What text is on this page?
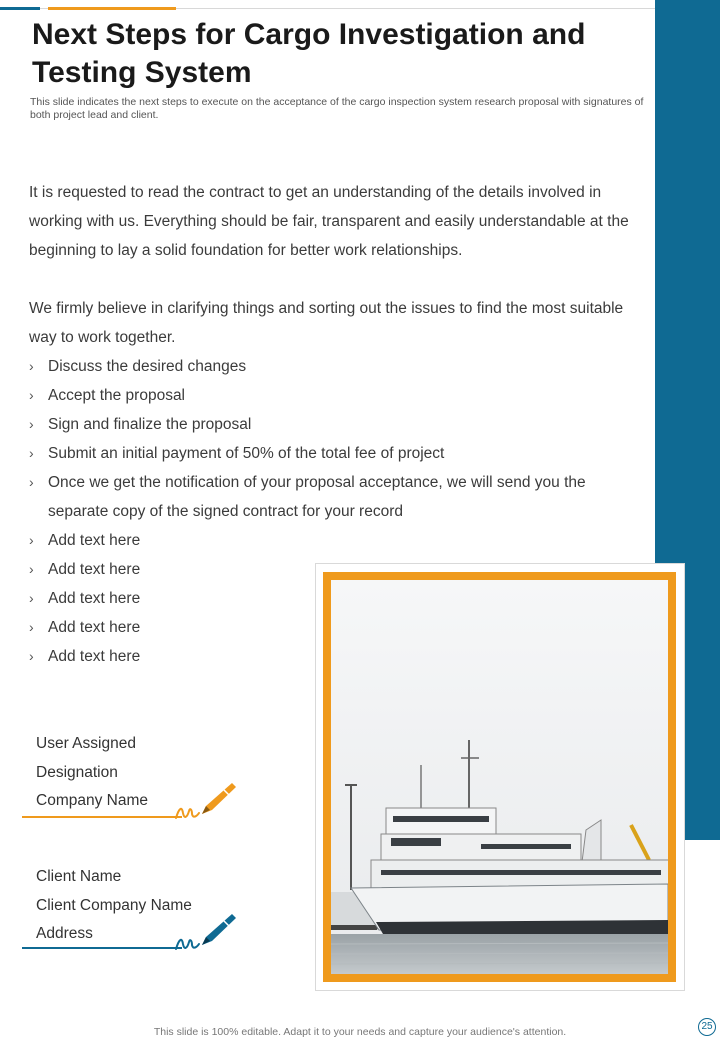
Next Steps for Cargo Investigation and Testing System

This slide indicates the next steps to execute on the acceptance of the cargo inspection system research proposal with signatures of both project lead and client.

It is requested to read the contract to get an understanding of the details involved in working with us. Everything should be fair, transparent and easily understandable at the beginning to lay a solid foundation for better work relationships.

We firmly believe in clarifying things and sorting out the issues to find the most suitable way to work together.

› Discuss the desired changes
› Accept the proposal
› Sign and finalize the proposal
› Submit an initial payment of 50% of the total fee of project
› Once we get the notification of your proposal acceptance, we will send you the separate copy of the signed contract for your record
› Add text here
› Add text here
› Add text here
› Add text here
› Add text here
User Assigned
Designation
Company Name
Client Name
Client Company Name
Address
This slide is 100% editable. Adapt it to your needs and capture your audience's attention.	25
